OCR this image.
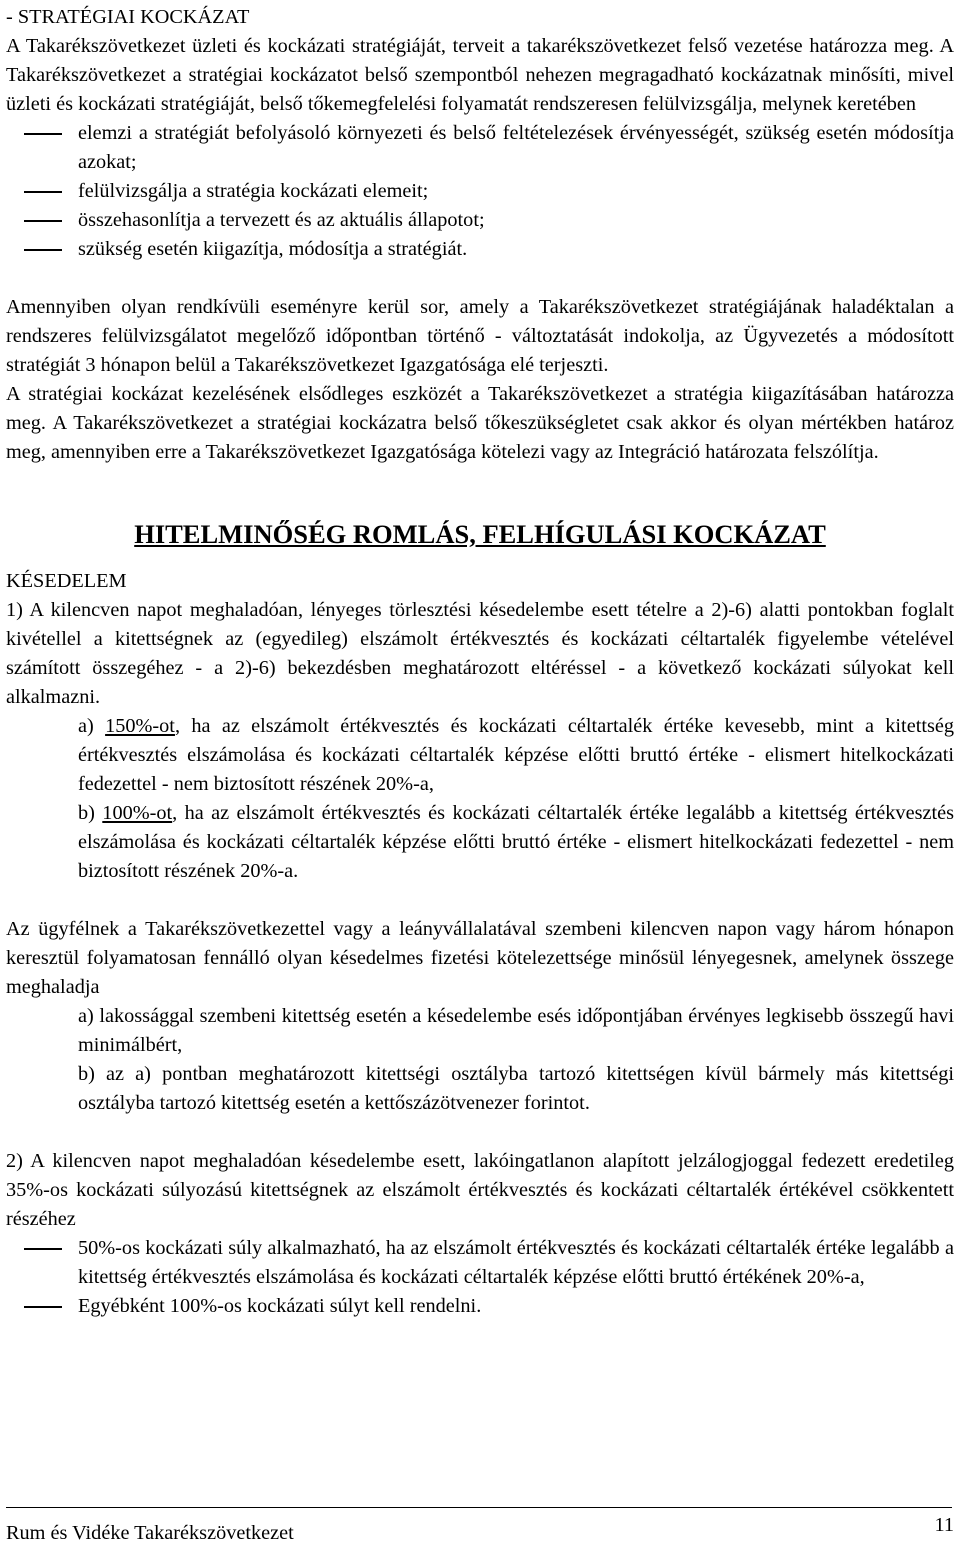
- STRATÉGIAI KOCKÁZAT

A Takarékszövetkezet üzleti és kockázati stratégiáját, terveit a takarékszövetkezet felső vezetése határozza meg. A Takarékszövetkezet a stratégiai kockázatot belső szempontból nehezen megragadható kockázatnak minősíti, mivel üzleti és kockázati stratégiáját, belső tőkemegfelelési folyamatát rendszeresen felülvizsgálja, melynek keretében

elemzi a stratégiát befolyásoló környezeti és belső feltételezések érvényességét, szükség esetén módosítja azokat;
felülvizsgálja a stratégia kockázati elemeit;
összehasonlítja a tervezett és az aktuális állapotot;
szükség esetén kiigazítja, módosítja a stratégiát.

Amennyiben olyan rendkívüli eseményre kerül sor, amely a Takarékszövetkezet stratégiájának haladéktalan a rendszeres felülvizsgálatot megelőző időpontban történő - változtatását indokolja, az Ügyvezetés a módosított stratégiát 3 hónapon belül a Takarékszövetkezet Igazgatósága elé terjeszti.

A stratégiai kockázat kezelésének elsődleges eszközét a Takarékszövetkezet a stratégia kiigazításában határozza meg. A Takarékszövetkezet a stratégiai kockázatra belső tőkeszükségletet csak akkor és olyan mértékben határoz meg, amennyiben erre a Takarékszövetkezet Igazgatósága kötelezi vagy az Integráció határozata felszólítja.

HITELMINŐSÉG ROMLÁS, FELHÍGULÁSI KOCKÁZAT

KÉSEDELEM

1) A kilencven napot meghaladóan, lényeges törlesztési késedelembe esett tételre a 2)-6) alatti pontokban foglalt kivétellel a kitettségnek az (egyedileg) elszámolt értékvesztés és kockázati céltartalék figyelembe vételével számított összegéhez - a 2)-6) bekezdésben meghatározott eltéréssel - a következő kockázati súlyokat kell alkalmazni.

a) 150%-ot, ha az elszámolt értékvesztés és kockázati céltartalék értéke kevesebb, mint a kitettség értékvesztés elszámolása és kockázati céltartalék képzése előtti bruttó értéke - elismert hitelkockázati fedezettel - nem biztosított részének 20%-a,

b) 100%-ot, ha az elszámolt értékvesztés és kockázati céltartalék értéke legalább a kitettség értékvesztés elszámolása és kockázati céltartalék képzése előtti bruttó értéke - elismert hitelkockázati fedezettel - nem biztosított részének 20%-a.

Az ügyfélnek a Takarékszövetkezettel vagy a leányvállalatával szembeni kilencven napon vagy három hónapon keresztül folyamatosan fennálló olyan késedelmes fizetési kötelezettsége minősül lényegesnek, amelynek összege meghaladja

a) lakossággal szembeni kitettség esetén a késedelembe esés időpontjában érvényes legkisebb összegű havi minimálbért,

b) az a) pontban meghatározott kitettségi osztályba tartozó kitettségen kívül bármely más kitettségi osztályba tartozó kitettség esetén a kettőszázötvenezer forintot.

2) A kilencven napot meghaladóan késedelembe esett, lakóingatlanon alapított jelzálogjoggal fedezett eredetileg 35%-os kockázati súlyozású kitettségnek az elszámolt értékvesztés és kockázati céltartalék értékével csökkentett részéhez

50%-os kockázati súly alkalmazható, ha az elszámolt értékvesztés és kockázati céltartalék értéke legalább a kitettség értékvesztés elszámolása és kockázati céltartalék képzése előtti bruttó értékének 20%-a,
Egyébként 100%-os kockázati súlyt kell rendelni.
Rum és Vidéke Takarékszövetkezet	11
